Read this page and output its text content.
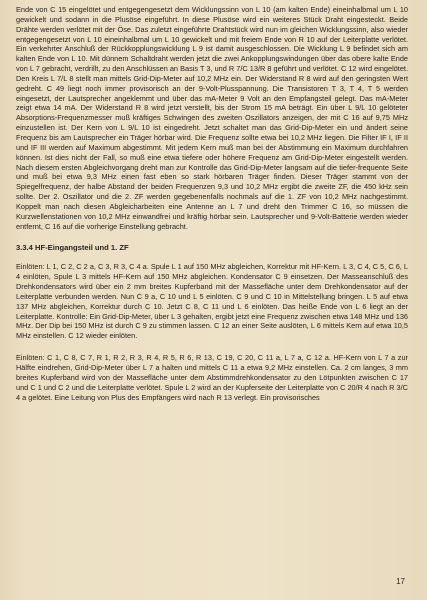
Ende von C 15 eingelötet und entgegengesetzt dem Wicklungssinn von L 10 (am kalten Ende) eineinhalbmal um L 10 gewickelt und sodann in die Plusöse eingeführt. In diese Plusöse wird ein weiteres Stück Draht eingesteckt. Beide Drähte werden verlötet mit der Öse. Das zuletzt eingeführte Drahtstück wird nun im gleichen Wicklungssinn, also wieder entgegengesetzt von L 10 eineinhalbmal um L 10 gewickelt und mit freiem Ende von R 10 auf der Leiterplatte verlötet. Ein verkehrter Anschluß der Rückkopplungswicklung L 9 ist damit ausgeschlossen. Die Wicklung L 9 befindet sich am kalten Ende von L 10. Mit dünnem Schaltdraht werden jetzt die zwei Ankopplungswindungen über das obere kalte Ende von L 7 gebracht, verdrillt, zu den Anschlüssen an Basis T 3, und R 7/C 13/R 8 geführt und verlötet. C 12 wird eingelötet. Den Kreis L 7/L 8 stellt man mittels Grid-Dip-Meter auf 10,2 MHz ein. Der Widerstand R 8 wird auf den geringsten Wert gedreht. C 49 liegt noch immer provisorisch an der 9-Volt-Plusspannung. Die Transistoren T 3, T 4, T 5 werden eingesetzt, der Lautsprecher angeklemmt und über das mA-Meter 9 Volt an den Empfangsteil gelegt. Das mA-Meter zeigt etwa 14 mA. Der Widerstand R 8 wird jetzt verstellt, bis der Strom 15 mA beträgt. Ein über L 9/L 10 gelöteter Absorptions-Frequenzmesser muß kräftiges Schwingen des zweiten Oszillators anzeigen, der mit C 16 auf 9,75 MHz einzustellen ist. Der Kern von L 9/L 10 ist eingedreht. Jetzt schaltet man das Grid-Dip-Meter ein und ändert seine Frequenz bis am Lautsprecher ein Träger hörbar wird. Die Frequenz sollte etwa bei 10,2 MHz liegen. Die Filter IF I, IF II und IF III werden auf Maximum abgestimmt. Mit jedem Kern muß man bei der Abstimmung ein Maximum durchfahren können. Ist dies nicht der Fall, so muß eine etwa tiefere oder höhere Frequenz am Grid-Dip-Meter eingestellt werden. Nach diesem ersten Abgleichvorgang dreht man zur Kontrolle das Grid-Dip-Meter langsam auf die tiefer-frequente Seite und muß bei etwa 9,3 MHz einen fast eben so stark hörbaren Träger finden. Dieser Träger stammt von der Spiegelfrequenz, der halbe Abstand der beiden Frequenzen 9,3 und 10,2 MHz ergibt die zweite ZF, die 450 kHz sein sollte. Der 2. Oszillator und die 2. ZF werden gegebenenfalls nochmals auf die 1. ZF von 10,2 MHz nachgestimmt. Koppelt man nach diesen Abgleicharbeiten eine Antenne an L 7 und dreht den Trimmer C 16, so müssen die Kurzwellenstationen von 10,2 MHz einwandfrei und kräftig hörbar sein. Lautsprecher und 9-Volt-Batterie werden wieder entfernt, C 16 auf die vorherige Einstellung gebracht.

3.3.4 HF-Eingangsteil und 1. ZF

Einlöten: L 1, C 2, C 2 a, C 3, R 3, C 4 a. Spule L 1 auf 150 MHz abgleichen, Korrektur mit HF-Kern. L 3, C 4, C 5, C 6, L 4 einlöten, Spule L 3 mittels HF-Kern auf 150 MHz abgleichen. Kondensator C 9 einsetzen. Der Masseanschluß des Drehkondensators wird über ein 2 mm breites Kupferband mit der Massefläche unter dem Drehkondensator auf der Leiterplatte verbunden werden. Nun C 9 a, C 10 und L 5 einlöten. C 9 und C 10 in Mittelstellung bringen. L 5 auf etwa 137 MHz abgleichen, Korrektur durch C 10. Jetzt C 8, C 11 und L 6 einlöten. Das heiße Ende von L 6 liegt an der Leiterplatte. Kontrolle: Ein Grid-Dip-Meter, über L 3 gehalten, ergibt jetzt eine Frequenz zwischen etwa 148 MHz und 136 MHz. Der Dip bei 150 MHz ist durch C 9 zu stimmen lassen. C 12 an einer Seite auslöten, L 6 mittels Kern auf etwa 10,5 MHz einstellen. C 12 wieder einlöten.

Einlöten: C 1, C 8, C 7, R 1, R 2, R 3, R 4, R 5, R 6, R 13, C 19, C 20, C 11 a, L 7 a, C 12 a. HF-Kern von L 7 a zur Hälfte eindrehen, Grid-Dip-Meter über L 7 a halten und mittels C 11 a etwa 9,2 MHz einstellen. Ca. 2 cm langes, 3 mm breites Kupferband wird von der Massefläche unter dem Abstimmdrehkondensator zu den Lötpunkten zwischen C 17 und C 1 und C 2 und die Leiterplatte verlötet. Spule L 2 wird an der Kupferseite der Leiterplatte von C 20/R 4 nach R 3/C 4 a gelötet. Eine Leitung von Plus des Empfängers wird nach R 13 verlegt. Ein provisorisches

17
